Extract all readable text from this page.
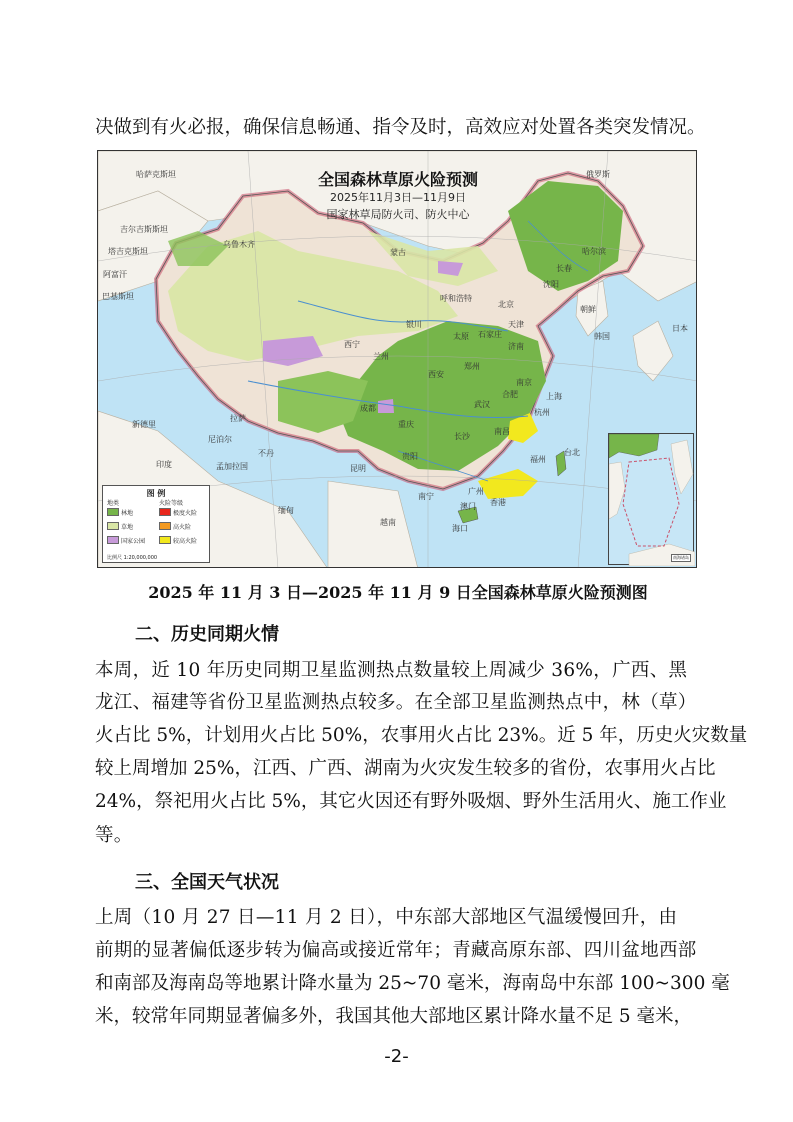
决做到有火必报，确保信息畅通、指令及时，高效应对处置各类突发情况。
全国森林草原火险预测
2025年11月3日—11月9日
国家林草局防火司、防火中心
哈萨克斯坦	俄罗斯
蒙古
吉尔吉斯斯坦
塔吉克斯坦
阿富汗
巴基斯坦
印度
尼泊尔
不丹
孟加拉国
缅甸
越南
朝鲜
韩国
日本
乌鲁木齐
哈尔滨
长春
沈阳
呼和浩特
北京
天津
石家庄
太原
济南
银川
兰州
西宁
西安
郑州
南京
上海
合肥
武汉
杭州
成都
重庆
长沙
南昌
福州
台北
贵阳
昆明
南宁
广州
香港
澳门
海口
拉萨
新德里
图 例
地类	火险等级
林地
草地
国家公园
极度火险
高火险
较高火险
比例尺 1:20,000,000	南海诸岛
2025 年 11 月 3 日—2025 年 11 月 9 日全国森林草原火险预测图
二、历史同期火情
本周，近 10 年历史同期卫星监测热点数量较上周减少 36%，广西、黑
龙江、福建等省份卫星监测热点较多。在全部卫星监测热点中，林（草）
火占比 5%，计划用火占比 50%，农事用火占比 23%。近 5 年，历史火灾数量
较上周增加 25%，江西、广西、湖南为火灾发生较多的省份，农事用火占比
24%，祭祀用火占比 5%，其它火因还有野外吸烟、野外生活用火、施工作业
等。
三、全国天气状况
上周（10 月 27 日—11 月 2 日），中东部大部地区气温缓慢回升，由
前期的显著偏低逐步转为偏高或接近常年；青藏高原东部、四川盆地西部
和南部及海南岛等地累计降水量为 25~70 毫米，海南岛中东部 100~300 毫
米，较常年同期显著偏多外，我国其他大部地区累计降水量不足 5 毫米，
-2-
